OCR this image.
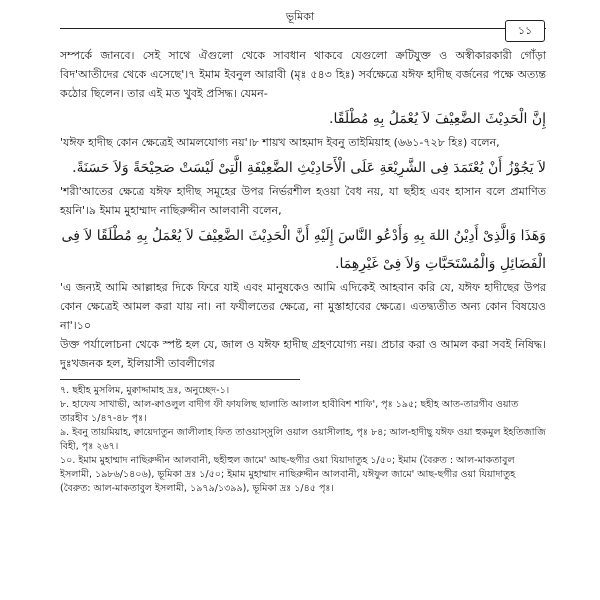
ভূমিকা
১১

সম্পর্কে জানবে। সেই সাথে ঐগুলো থেকে সাবধান থাকবে যেগুলো ক্রটিযুক্ত ও অস্বীকারকারী গোঁড়া বিদ'আতীদের থেকে এসেছে'।৭ ইমাম ইবনুল আরাবী (মৃঃ ৫৪৩ হিঃ) সর্বক্ষেত্রে যঈফ হাদীছ বর্জনের পক্ষে অত্যন্ত কঠোর ছিলেন। তার এই মত খুবই প্রসিদ্ধ। যেমন-

إِنَّ الْحَدِيْثَ الضَّعِيْفَ لاَ يُعْمَلُ بِهِ مُطْلَقًا.

'যঈফ হাদীছ কোন ক্ষেত্রেই আমলযোগ্য নয়'।৮ শায়খ আহমাদ ইবনু তাইমিয়াহ (৬৬১-৭২৮ হিঃ) বলেন,

لاَ يَجُوْزُ أَنْ يُعْتَمَدَ فِى الشَّرِيْعَةِ عَلَى الْأَحَادِيْثِ الضَّعِيْفَةِ الَّتِىْ لَيْسَتْ صَحِيْحَةً وَلاَ حَسَنَةً.

'শরী'আতের ক্ষেত্রে যঈফ হাদীছ সমূহের উপর নির্ভরশীল হওয়া বৈধ নয়, যা ছহীহ এবং হাসান বলে প্রমাণিত হয়নি'।৯ ইমাম মুহাম্মাদ নাছিরুদ্দীন আলবানী বলেন,

وَهَذَا وَالَّذِىْ أَدِيْنُ اللهَ بِهِ وَأَدْعُو النَّاسَ إِلَيْهِ أَنَّ الْحَدِيْثَ الضَّعِيْفَ لاَ يُعْمَلُ بِهِ مُطْلَقًا لاَ فِى الْفَضَائِلِ وَالْمُسْتَحَبَّاتِ وَلاَ فِىْ غَيْرِهِمَا.

'এ জন্যই আমি আল্লাহর দিকে ফিরে যাই এবং মানুষকেও আমি এদিকেই আহবান করি যে, যঈফ হাদীছের উপর কোন ক্ষেত্রেই আমল করা যায় না। না ফযীলতের ক্ষেত্রে, না মুস্তাহাবের ক্ষেত্রে। এতদ্ব্যতীত অন্য কোন বিষয়েও না'।১০

উক্ত পর্যালোচনা থেকে স্পষ্ট হল যে, জাল ও যঈফ হাদীছ গ্রহণযোগ্য নয়। প্রচার করা ও আমল করা সবই নিষিদ্ধ। দুঃখজনক হল, ইলিয়াসী তাবলীগের

৭. ছহীহ মুসলিম, মুক্বাদ্দামাহ দ্রঃ, অনুচ্ছেদ-১।

৮. হাফেয সাখাভী, আল-ক্বাওলুল বাদীগ ফী ফাযলিছ ছালাতি আলাল হাবীবিশ শাফি', পৃঃ ১৯৫; ছহীহ আত-তারগীব ওয়াত তারহীব ১/৪৭-৪৮ পৃঃ।

৯. ইবনু তায়মিয়াহ, ক্বায়েদাতুন জালীলাহ ফিত তাওয়াস্সুলি ওয়াল ওয়াসীলাহ, পৃঃ ৮৪; আল-হাদীছু যঈফ ওয়া হুকমুল ইহতিজাজি বিহী, পৃঃ ২৬৭।

১০. ইমাম মুহাম্মাদ নাছিরুদ্দীন আলবানী, ছহীহুল জামে' আছ-ছগীর ওয়া যিয়াদাতুহ ১/৫০; ইমাম (বৈরুত : আল-মাকতাবুল ইসলামী, ১৯৮৬/১৪০৬), ভূমিকা দ্রঃ ১/৫০; ইমাম মুহাম্মাদ নাছিরুদ্দীন আলবানী, যঈফুল জামে' আছ-ছগীর ওয়া যিয়াদাতুহ (বৈরুত: আল-মাকতাবুল ইসলামী, ১৯৭৯/১৩৯৯), ভূমিকা দ্রঃ ১/৪৫ পৃঃ।
